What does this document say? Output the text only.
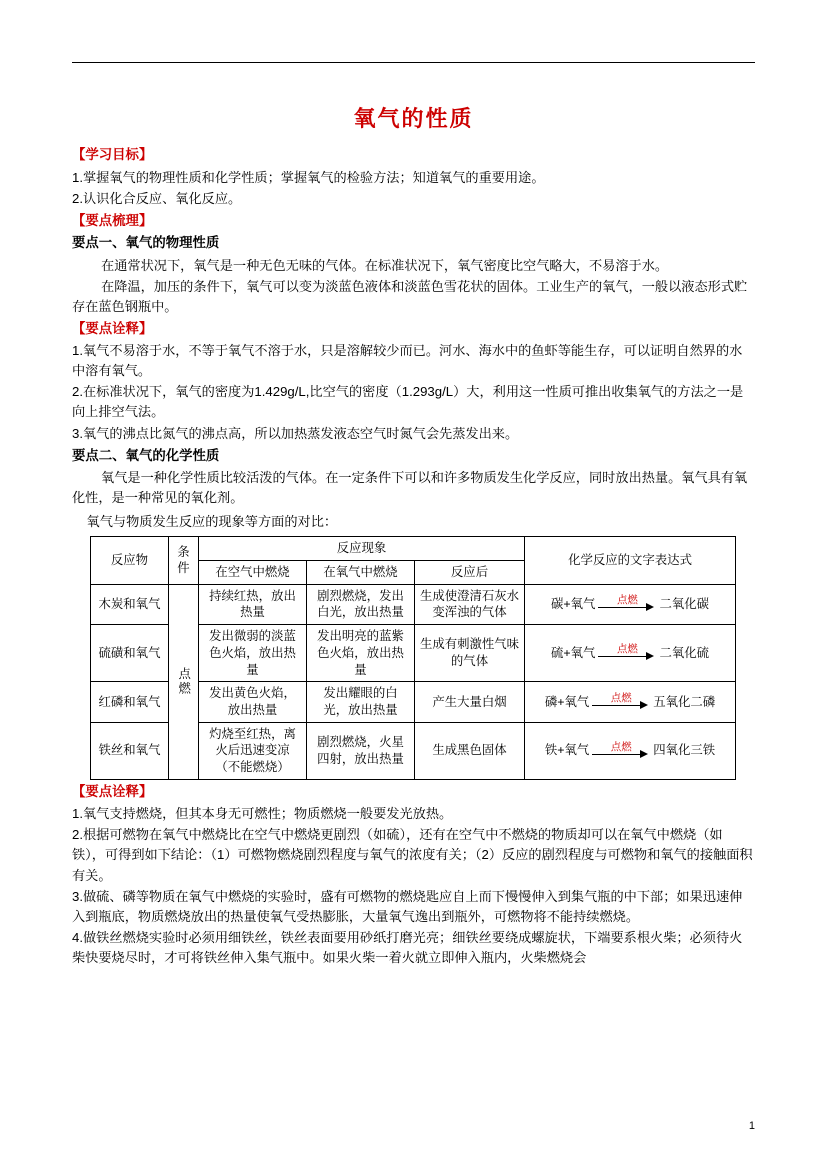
氧气的性质
【学习目标】

1.掌握氧气的物理性质和化学性质；掌握氧气的检验方法；知道氧气的重要用途。

2.认识化合反应、氧化反应。

【要点梳理】
要点一、氧气的物理性质

在通常状况下，氧气是一种无色无味的气体。在标准状况下，氧气密度比空气略大，不易溶于水。

在降温，加压的条件下，氧气可以变为淡蓝色液体和淡蓝色雪花状的固体。工业生产的氧气，一般以液态形式贮存在蓝色钢瓶中。

【要点诠释】

1.氧气不易溶于水，不等于氧气不溶于水，只是溶解较少而已。河水、海水中的鱼虾等能生存，可以证明自然界的水中溶有氧气。

2.在标准状况下，氧气的密度为1.429g/L,比空气的密度（1.293g/L）大，利用这一性质可推出收集氧气的方法之一是向上排空气法。

3.氧气的沸点比氮气的沸点高，所以加热蒸发液态空气时氮气会先蒸发出来。

要点二、氧气的化学性质

氧气是一种化学性质比较活泼的气体。在一定条件下可以和许多物质发生化学反应，同时放出热量。氧气具有氧化性，是一种常见的氧化剂。

氧气与物质发生反应的现象等方面的对比：

反应物	条件	反应现象			化学反应的文字表达式
		在空气中燃烧	在氧气中燃烧	反应后	
木炭和氧气	点燃	持续红热，放出热量	剧烈燃烧，发出白光，放出热量	生成使澄清石灰水变浑浊的气体	碳+氧气 点燃 二氧化碳

硫磺和氧气		发出微弱的淡蓝色火焰，放出热量	发出明亮的蓝紫色火焰，放出热量	生成有刺激性气味的气体	硫+氧气 点燃 二氧化硫

红磷和氧气		发出黄色火焰，放出热量	发出耀眼的白光，放出热量	产生大量白烟	磷+氧气 点燃 五氧化二磷

铁丝和氧气		灼烧至红热，离火后迅速变凉（不能燃烧）	剧烈燃烧，火星四射，放出热量	生成黑色固体	铁+氧气 点燃 四氧化三铁
【要点诠释】

1.氧气支持燃烧，但其本身无可燃性；物质燃烧一般要发光放热。

2.根据可燃物在氧气中燃烧比在空气中燃烧更剧烈（如硫），还有在空气中不燃烧的物质却可以在氧气中燃烧（如铁），可得到如下结论：（1）可燃物燃烧剧烈程度与氧气的浓度有关；（2）反应的剧烈程度与可燃物和氧气的接触面积有关。

3.做硫、磷等物质在氧气中燃烧的实验时，盛有可燃物的燃烧匙应自上而下慢慢伸入到集气瓶的中下部；如果迅速伸入到瓶底，物质燃烧放出的热量使氧气受热膨胀，大量氧气逸出到瓶外，可燃物将不能持续燃烧。

4.做铁丝燃烧实验时必须用细铁丝，铁丝表面要用砂纸打磨光亮；细铁丝要绕成螺旋状，下端要系根火柴；必须待火柴快要烧尽时，才可将铁丝伸入集气瓶中。如果火柴一着火就立即伸入瓶内，火柴燃烧会

1
